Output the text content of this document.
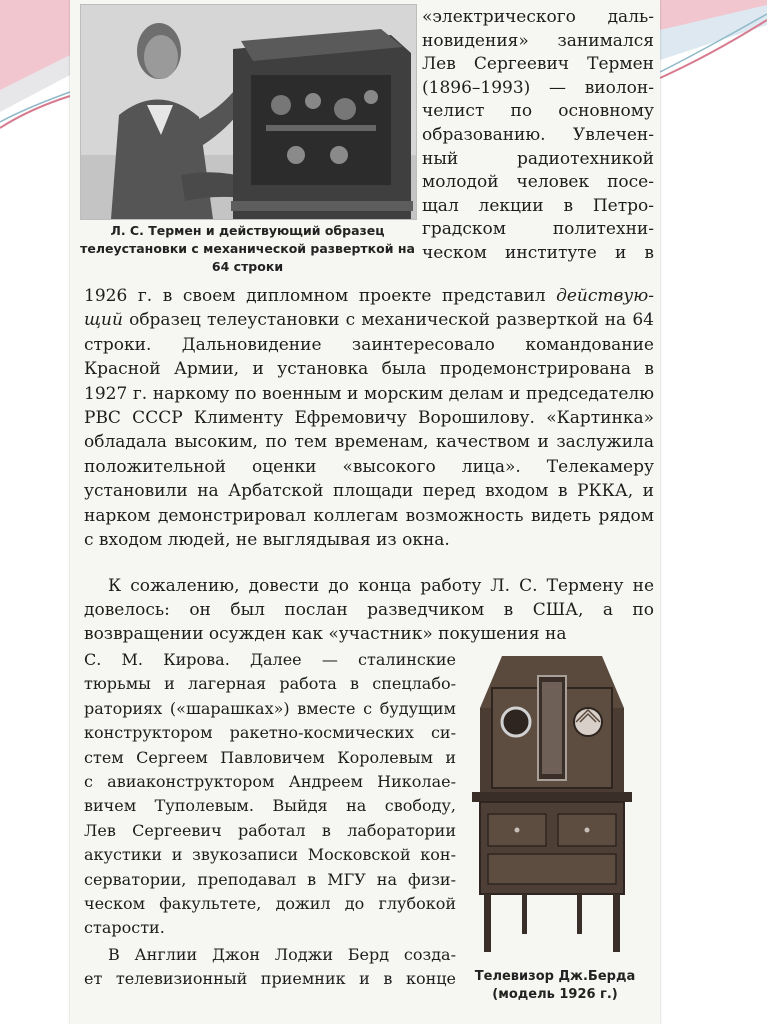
Л. С. Термен и действующий образец телеустановки с механической разверткой на 64 строки

«электрического даль-

новидения» занимался

Лев Сергеевич Термен

(1896–1993) — виолон-

челист по основному

образованию. Увлечен-

ный радиотехникой

молодой человек посе-

щал лекции в Петро-

градском политехни-

ческом институте и в

1926 г. в своем дипломном проекте представил действую-щий образец телеустановки с механической разверткой на 64 строки. Дальновидение заинтересовало командование Красной Армии, и установка была продемонстрирована в 1927 г. наркому по военным и морским делам и председателю РВС СССР Клименту Ефремовичу Ворошилову. «Картинка» обладала высоким, по тем временам, качеством и заслужила положительной оценки «высокого лица». Телекамеру установили на Арбатской площади перед входом в РККА, и нарком демонстрировал коллегам возможность видеть рядом с входом людей, не выглядывая из окна.

К сожалению, довести до конца работу Л. С. Термену не довелось: он был послан разведчиком в США, а по возвращении осужден как «участник» покушения на

С. М. Кирова. Далее — сталинские

тюрьмы и лагерная работа в спецлабо-

раториях («шарашках») вместе с будущим

конструктором ракетно-космических си-

стем Сергеем Павловичем Королевым и

с авиаконструктором Андреем Николае-

вичем Туполевым. Выйдя на свободу,

Лев Сергеевич работал в лаборатории

акустики и звукозаписи Московской кон-

серватории, преподавал в МГУ на физи-

ческом факультете, дожил до глубокой

старости.

В Англии Джон Лоджи Берд созда-

ет телевизионный приемник и в конце	Телевизор Дж.Берда (модель 1926 г.)
